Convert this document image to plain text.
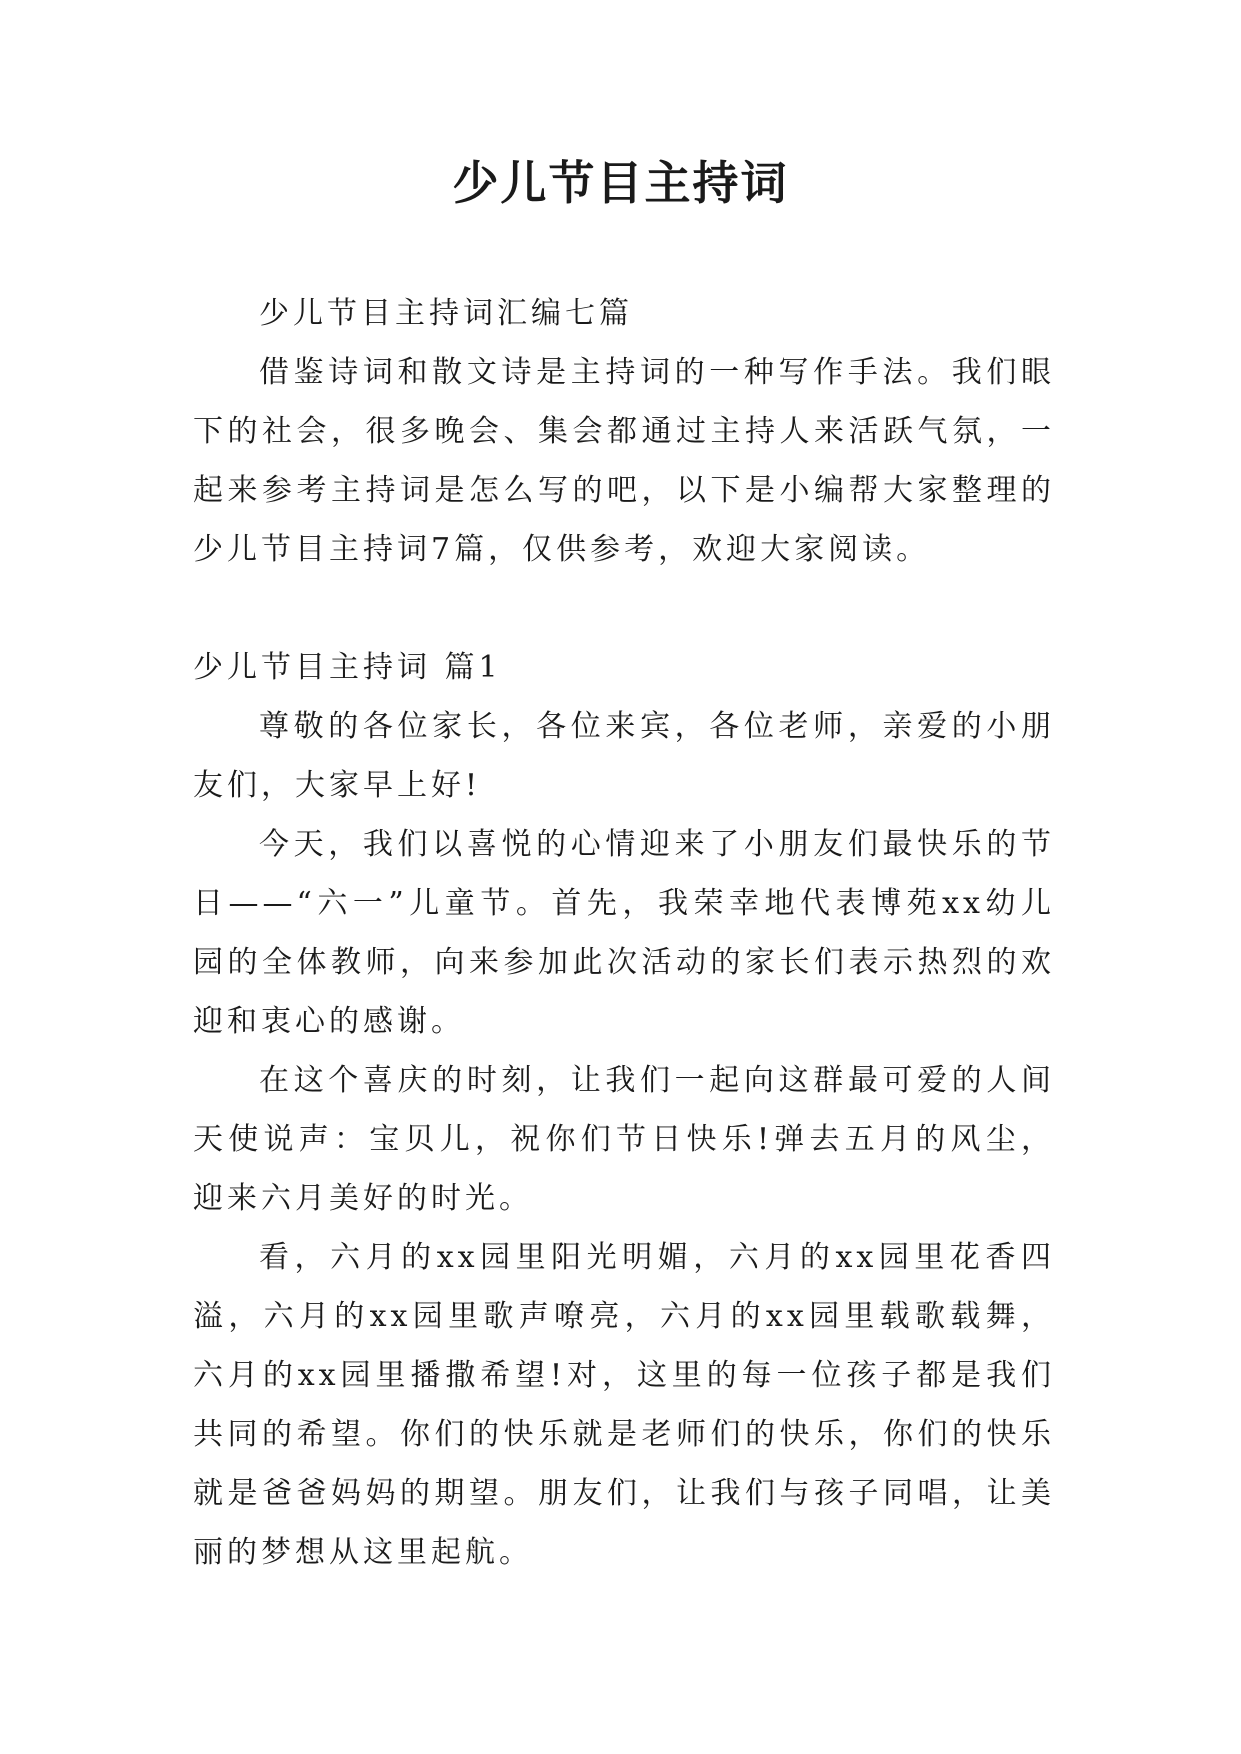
少儿节目主持词

少儿节目主持词汇编七篇

借鉴诗词和散文诗是主持词的一种写作手法。我们眼下的社会，很多晚会、集会都通过主持人来活跃气氛，一起来参考主持词是怎么写的吧，以下是小编帮大家整理的少儿节目主持词7篇，仅供参考，欢迎大家阅读。

少儿节目主持词 篇1

尊敬的各位家长，各位来宾，各位老师，亲爱的小朋友们，大家早上好!

今天，我们以喜悦的心情迎来了小朋友们最快乐的节日——“六一”儿童节。首先，我荣幸地代表博苑xx幼儿园的全体教师，向来参加此次活动的家长们表示热烈的欢迎和衷心的感谢。

在这个喜庆的时刻，让我们一起向这群最可爱的人间天使说声：宝贝儿，祝你们节日快乐!弹去五月的风尘，迎来六月美好的时光。

看，六月的xx园里阳光明媚，六月的xx园里花香四溢，六月的xx园里歌声嘹亮，六月的xx园里载歌载舞，六月的xx园里播撒希望!对，这里的每一位孩子都是我们共同的希望。你们的快乐就是老师们的快乐，你们的快乐就是爸爸妈妈的期望。朋友们，让我们与孩子同唱，让美丽的梦想从这里起航。
